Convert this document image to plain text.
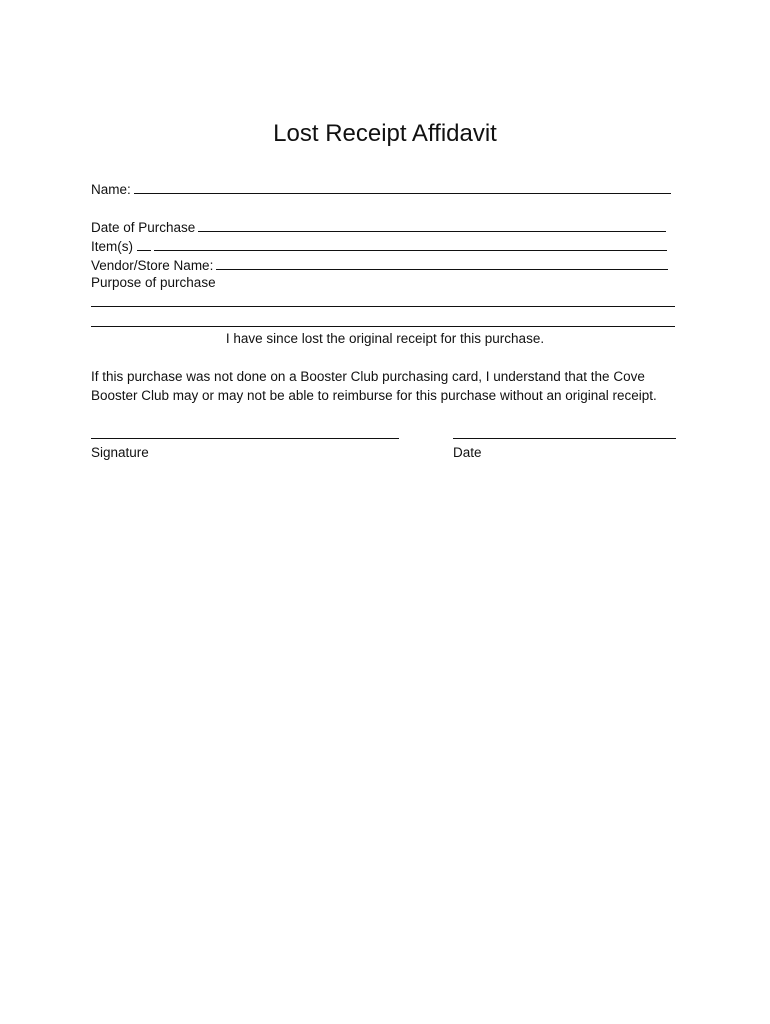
Lost Receipt Affidavit
Name:
Date of Purchase
Item(s)
Vendor/Store Name:
Purpose of purchase
I have since lost the original receipt for this purchase.
If this purchase was not done on a Booster Club purchasing card, I understand that the Cove Booster Club may or may not be able to reimburse for this purchase without an original receipt.
Signature	Date
